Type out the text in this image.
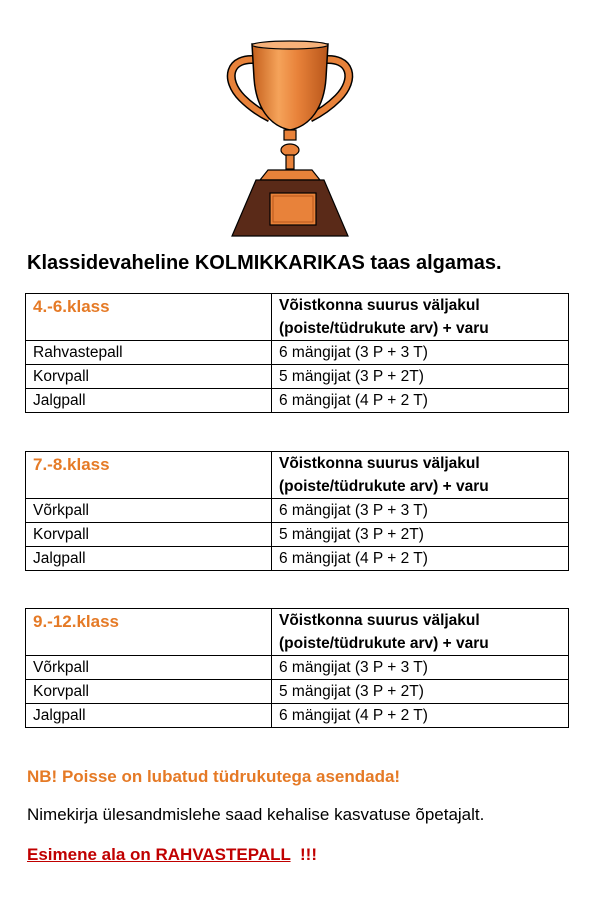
Klassidevaheline KOLMIKKARIKAS taas algamas.
4.-6.klass	Võistkonna suurus väljakul (poiste/tüdrukute arv) + varu
Rahvastepall	6 mängijat (3 P + 3 T)
Korvpall	5 mängijat (3 P + 2T)
Jalgpall	6 mängijat (4 P + 2 T)
7.-8.klass	Võistkonna suurus väljakul (poiste/tüdrukute arv) + varu
Võrkpall	6 mängijat (3 P + 3 T)
Korvpall	5 mängijat (3 P + 2T)
Jalgpall	6 mängijat (4 P + 2 T)
9.-12.klass	Võistkonna suurus väljakul (poiste/tüdrukute arv) + varu
Võrkpall	6 mängijat (3 P + 3 T)
Korvpall	5 mängijat (3 P + 2T)
Jalgpall	6 mängijat (4 P + 2 T)

NB! Poisse on lubatud tüdrukutega asendada!

Nimekirja ülesandmislehe saad kehalise kasvatuse õpetajalt.

Esimene ala on RAHVASTEPALL  !!!
